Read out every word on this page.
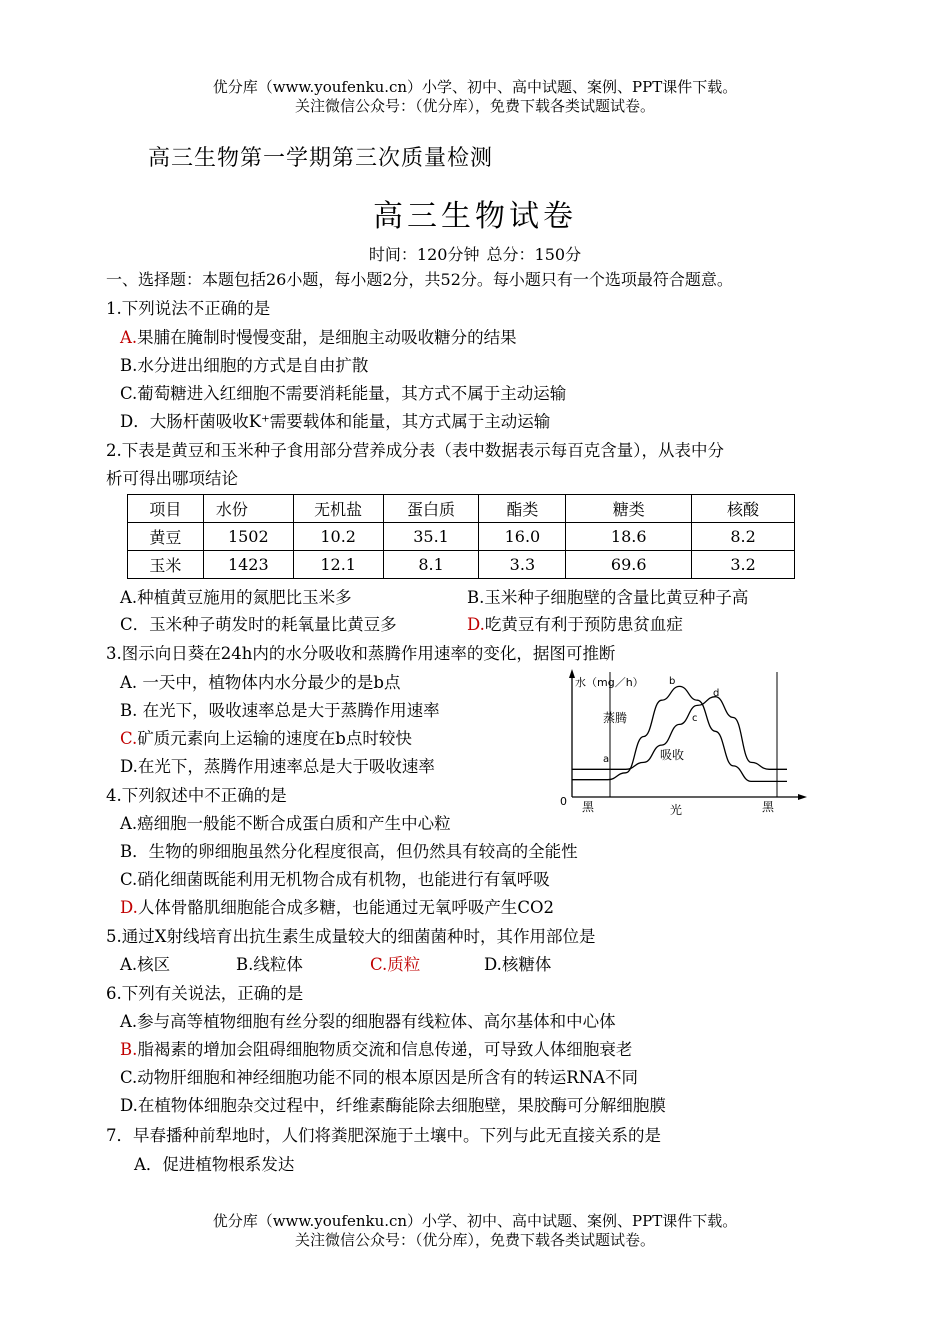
优分库（www.youfenku.cn）小学、初中、高中试题、案例、PPT课件下载。
关注微信公众号：（优分库），免费下载各类试题试卷。
高三生物第一学期第三次质量检测
高三生物试卷
时间：120分钟 总分：150分
一、选择题：本题包括26小题，每小题2分，共52分。每小题只有一个选项最符合题意。
1.下列说法不正确的是
A.果脯在腌制时慢慢变甜，是细胞主动吸收糖分的结果
B.水分进出细胞的方式是自由扩散
C.葡萄糖进入红细胞不需要消耗能量，其方式不属于主动运输
D．大肠杆菌吸收K⁺需要载体和能量，其方式属于主动运输
2.下表是黄豆和玉米种子食用部分营养成分表（表中数据表示每百克含量），从表中分
析可得出哪项结论
项目	水份	无机盐	蛋白质	酯类	糖类	核酸
黄豆	1502	10.2	35.1	16.0	18.6	8.2
玉米	1423	12.1	8.1	3.3	69.6	3.2
A.种植黄豆施用的氮肥比玉米多	B.玉米种子细胞壁的含量比黄豆种子高
C．玉米种子萌发时的耗氧量比黄豆多	D.吃黄豆有利于预防患贫血症
3.图示向日葵在24h内的水分吸收和蒸腾作用速率的变化，据图可推断
A. 一天中，植物体内水分最少的是b点
B. 在光下，吸收速率总是大于蒸腾作用速率
C.矿质元素向上运输的速度在b点时较快
D.在光下，蒸腾作用速率总是大于吸收速率
水（mg／h）
0 黑	光	黑
蒸腾
吸收
a
b
c
d
4.下列叙述中不正确的是
A.癌细胞一般能不断合成蛋白质和产生中心粒
B．生物的卵细胞虽然分化程度很高，但仍然具有较高的全能性
C.硝化细菌既能利用无机物合成有机物，也能进行有氧呼吸
D.人体骨骼肌细胞能合成多糖，也能通过无氧呼吸产生CO2
5.通过X射线培育出抗生素生成量较大的细菌菌种时，其作用部位是
A.核区	B.线粒体	C.质粒	D.核糖体
6.下列有关说法，正确的是
A.参与高等植物细胞有丝分裂的细胞器有线粒体、高尔基体和中心体
B.脂褐素的增加会阻碍细胞物质交流和信息传递，可导致人体细胞衰老
C.动物肝细胞和神经细胞功能不同的根本原因是所含有的转运RNA不同
D.在植物体细胞杂交过程中，纤维素酶能除去细胞壁，果胶酶可分解细胞膜
7．早春播种前犁地时，人们将粪肥深施于土壤中。下列与此无直接关系的是
A．促进植物根系发达
优分库（www.youfenku.cn）小学、初中、高中试题、案例、PPT课件下载。
关注微信公众号：（优分库），免费下载各类试题试卷。
